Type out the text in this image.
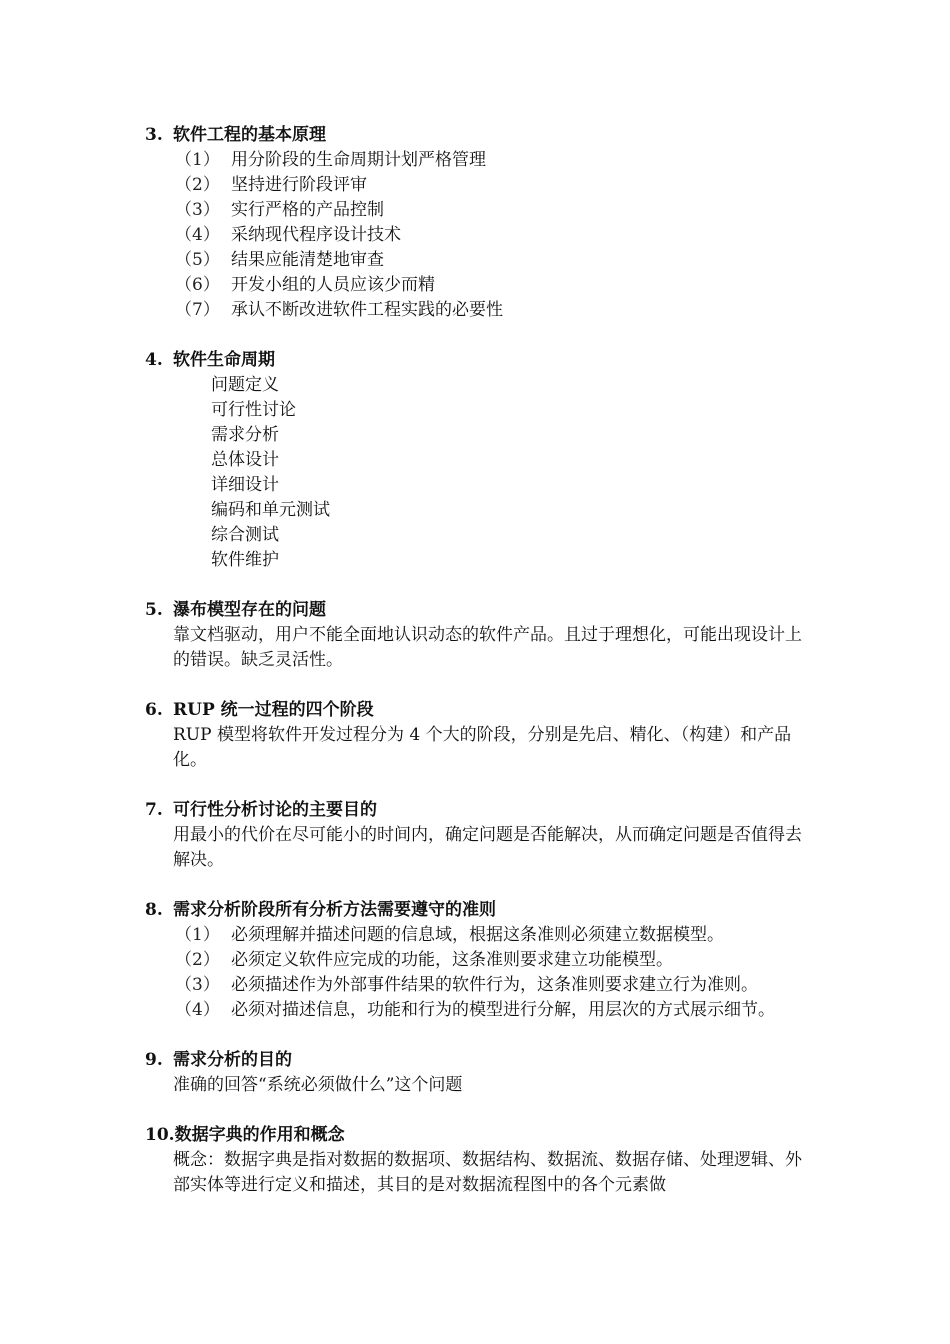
3. 软件工程的基本原理
（1） 用分阶段的生命周期计划严格管理
（2） 坚持进行阶段评审
（3） 实行严格的产品控制
（4） 采纳现代程序设计技术
（5） 结果应能清楚地审查
（6） 开发小组的人员应该少而精
（7） 承认不断改进软件工程实践的必要性
4. 软件生命周期
问题定义
可行性讨论
需求分析
总体设计
详细设计
编码和单元测试
综合测试
软件维护
5. 瀑布模型存在的问题
靠文档驱动，用户不能全面地认识动态的软件产品。且过于理想化，可能出现设计上的错误。缺乏灵活性。
6. RUP 统一过程的四个阶段
RUP 模型将软件开发过程分为 4 个大的阶段，分别是先启、精化、（构建）和产品化。
7. 可行性分析讨论的主要目的
用最小的代价在尽可能小的时间内，确定问题是否能解决，从而确定问题是否值得去解决。
8. 需求分析阶段所有分析方法需要遵守的准则
（1） 必须理解并描述问题的信息域，根据这条准则必须建立数据模型。
（2） 必须定义软件应完成的功能，这条准则要求建立功能模型。
（3） 必须描述作为外部事件结果的软件行为，这条准则要求建立行为准则。
（4） 必须对描述信息，功能和行为的模型进行分解，用层次的方式展示细节。
9. 需求分析的目的
准确的回答“系统必须做什么”这个问题
10. 数据字典的作用和概念
概念：数据字典是指对数据的数据项、数据结构、数据流、数据存储、处理逻辑、外部实体等进行定义和描述，其目的是对数据流程图中的各个元素做
